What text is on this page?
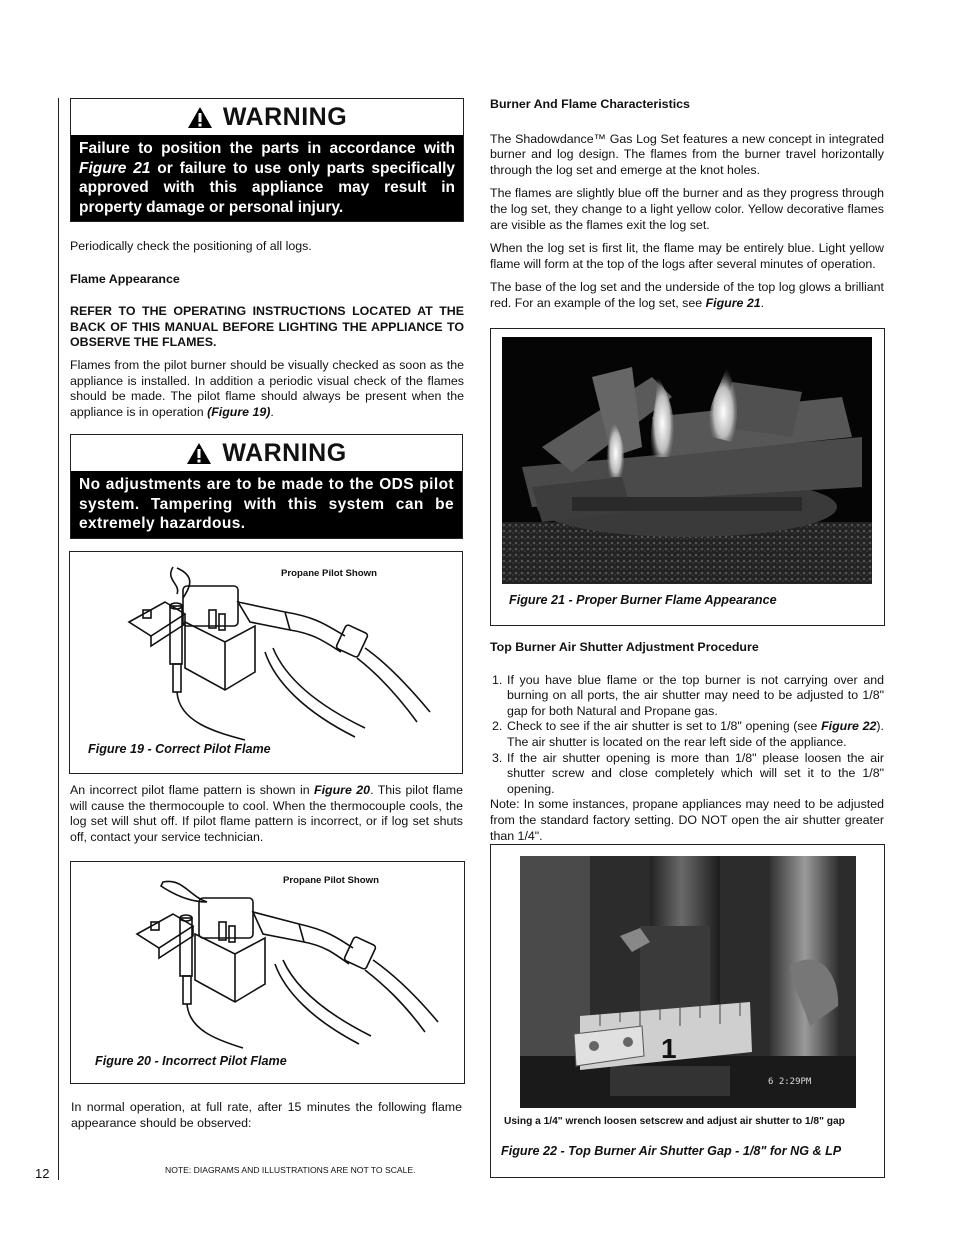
WARNING
Failure to position the parts in accordance with Figure 21 or failure to use only parts specifically approved with this appliance may result in property damage or personal injury.

Periodically check the positioning of all logs.

Flame Appearance

REFER TO THE OPERATING INSTRUCTIONS LOCATED AT THE BACK OF THIS MANUAL BEFORE LIGHTING THE APPLIANCE TO OBSERVE THE FLAMES.

Flames from the pilot burner should be visually checked as soon as the appliance is installed. In addition a periodic visual check of the flames should be made. The pilot flame should always be present when the appliance is in operation (Figure 19).

WARNING
No adjustments are to be made to the ODS pilot system. Tampering with this system can be extremely hazardous.
Propane Pilot Shown
Figure 19 - Correct Pilot Flame

An incorrect pilot flame pattern is shown in Figure 20. This pilot flame will cause the thermocouple to cool. When the thermocouple cools, the log set will shut off. If pilot flame pattern is incorrect, or if log set shuts off, contact your service technician.

Propane Pilot Shown
Figure 20 - Incorrect Pilot Flame
In normal operation, at full rate, after 15 minutes the following flame appearance should be observed:
12	NOTE: DIAGRAMS AND ILLUSTRATIONS ARE NOT TO SCALE.

Burner And Flame Characteristics

The Shadowdance™ Gas Log Set features a new concept in integrated burner and log design. The flames from the burner travel horizontally through the log set and emerge at the knot holes.

The flames are slightly blue off the burner and as they progress through the log set, they change to a light yellow color. Yellow decorative flames are visible as the flames exit the log set.

When the log set is first lit, the flame may be entirely blue. Light yellow flame will form at the top of the logs after several minutes of operation.

The base of the log set and the underside of the top log glows a brilliant red. For an example of the log set, see Figure 21.

Figure 21 - Proper Burner Flame Appearance

Top Burner Air Shutter Adjustment Procedure

1. If you have blue flame or the top burner is not carrying over and burning on all ports, the air shutter may need to be adjusted to 1/8" gap for both Natural and Propane gas.
2. Check to see if the air shutter is set to 1/8" opening (see Figure 22). The air shutter is located on the rear left side of the appliance.
3. If the air shutter opening is more than 1/8" please loosen the air shutter screw and close completely which will set it to the 1/8" opening.

Note: In some instances, propane appliances may need to be adjusted from the standard factory setting. DO NOT open the air shutter greater than 1/4".

1
6 2:29PM
Using a 1/4" wrench loosen setscrew and adjust air shutter to 1/8" gap
Figure 22 - Top Burner Air Shutter Gap - 1/8" for NG & LP
